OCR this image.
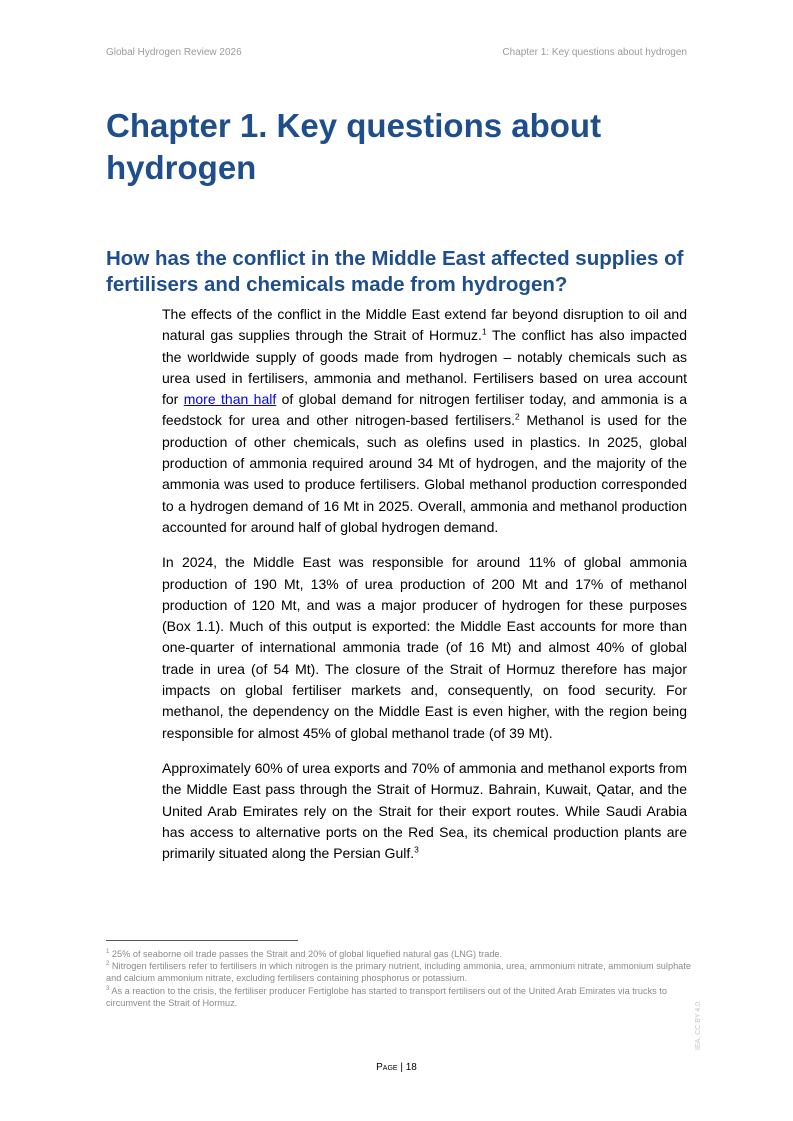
Global Hydrogen Review 2026	Chapter 1: Key questions about hydrogen
Chapter 1. Key questions about hydrogen
How has the conflict in the Middle East affected supplies of fertilisers and chemicals made from hydrogen?

The effects of the conflict in the Middle East extend far beyond disruption to oil and natural gas supplies through the Strait of Hormuz.$^1$ The conflict has also impacted the worldwide supply of goods made from hydrogen – notably chemicals such as urea used in fertilisers, ammonia and methanol. Fertilisers based on urea account for more than half of global demand for nitrogen fertiliser today, and ammonia is a feedstock for urea and other nitrogen-based fertilisers.$^2$ Methanol is used for the production of other chemicals, such as olefins used in plastics. In 2025, global production of ammonia required around 34 Mt of hydrogen, and the majority of the ammonia was used to produce fertilisers. Global methanol production corresponded to a hydrogen demand of 16 Mt in 2025. Overall, ammonia and methanol production accounted for around half of global hydrogen demand.

In 2024, the Middle East was responsible for around 11% of global ammonia production of 190 Mt, 13% of urea production of 200 Mt and 17% of methanol production of 120 Mt, and was a major producer of hydrogen for these purposes (Box 1.1). Much of this output is exported: the Middle East accounts for more than one-quarter of international ammonia trade (of 16 Mt) and almost 40% of global trade in urea (of 54 Mt). The closure of the Strait of Hormuz therefore has major impacts on global fertiliser markets and, consequently, on food security. For methanol, the dependency on the Middle East is even higher, with the region being responsible for almost 45% of global methanol trade (of 39 Mt).

Approximately 60% of urea exports and 70% of ammonia and methanol exports from the Middle East pass through the Strait of Hormuz. Bahrain, Kuwait, Qatar, and the United Arab Emirates rely on the Strait for their export routes. While Saudi Arabia has access to alternative ports on the Red Sea, its chemical production plants are primarily situated along the Persian Gulf.$^3$

$^1$ 25% of seaborne oil trade passes the Strait and 20% of global liquefied natural gas (LNG) trade.

$^2$ Nitrogen fertilisers refer to fertilisers in which nitrogen is the primary nutrient, including ammonia, urea, ammonium nitrate, ammonium sulphate and calcium ammonium nitrate, excluding fertilisers containing phosphorus or potassium.

$^3$ As a reaction to the crisis, the fertiliser producer Fertiglobe has started to transport fertilisers out of the United Arab Emirates via trucks to circumvent the Strait of Hormuz.

Page | 18
IEA. CC BY 4.0.
